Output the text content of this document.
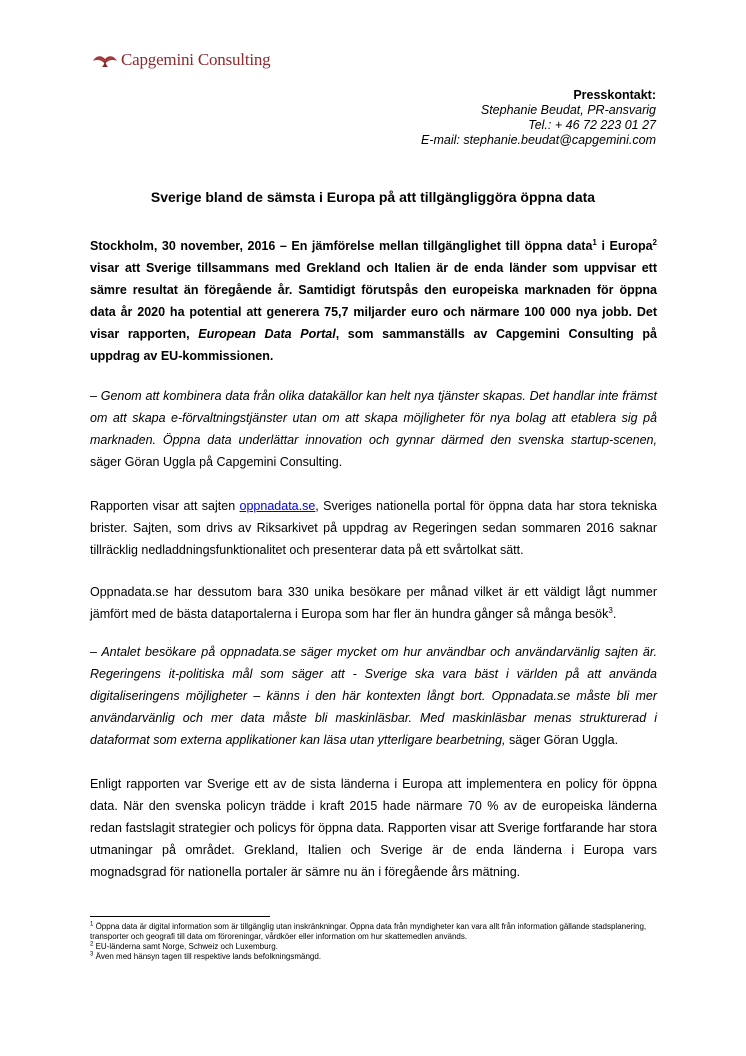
Capgemini Consulting
Presskontakt:
Stephanie Beudat, PR-ansvarig
Tel.: + 46 72 223 01 27
E-mail: stephanie.beudat@capgemini.com
Sverige bland de sämsta i Europa på att tillgängliggöra öppna data
Stockholm, 30 november, 2016 – En jämförelse mellan tillgänglighet till öppna data$^1$ i Europa$^2$ visar att Sverige tillsammans med Grekland och Italien är de enda länder som uppvisar ett sämre resultat än föregående år. Samtidigt förutspås den europeiska marknaden för öppna data år 2020 ha potential att generera 75,7 miljarder euro och närmare 100 000 nya jobb. Det visar rapporten, European Data Portal, som sammanställs av Capgemini Consulting på uppdrag av EU-kommissionen.
– Genom att kombinera data från olika datakällor kan helt nya tjänster skapas. Det handlar inte främst om att skapa e-förvaltningstjänster utan om att skapa möjligheter för nya bolag att etablera sig på marknaden. Öppna data underlättar innovation och gynnar därmed den svenska startup-scenen, säger Göran Uggla på Capgemini Consulting.
Rapporten visar att sajten oppnadata.se, Sveriges nationella portal för öppna data har stora tekniska brister. Sajten, som drivs av Riksarkivet på uppdrag av Regeringen sedan sommaren 2016 saknar tillräcklig nedladdningsfunktionalitet och presenterar data på ett svårtolkat sätt.
Oppnadata.se har dessutom bara 330 unika besökare per månad vilket är ett väldigt lågt nummer jämfört med de bästa dataportalerna i Europa som har fler än hundra gånger så många besök$^3$.
– Antalet besökare på oppnadata.se säger mycket om hur användbar och användarvänlig sajten är. Regeringens it-politiska mål som säger att - Sverige ska vara bäst i världen på att använda digitaliseringens möjligheter – känns i den här kontexten långt bort. Oppnadata.se måste bli mer användarvänlig och mer data måste bli maskinläsbar. Med maskinläsbar menas strukturerad i dataformat som externa applikationer kan läsa utan ytterligare bearbetning, säger Göran Uggla.
Enligt rapporten var Sverige ett av de sista länderna i Europa att implementera en policy för öppna data. När den svenska policyn trädde i kraft 2015 hade närmare 70 % av de europeiska länderna redan fastslagit strategier och policys för öppna data. Rapporten visar att Sverige fortfarande har stora utmaningar på området. Grekland, Italien och Sverige är de enda länderna i Europa vars mognadsgrad för nationella portaler är sämre nu än i föregående års mätning.
$^1$ Öppna data är digital information som är tillgänglig utan inskränkningar. Öppna data från myndigheter kan vara allt från information gällande stadsplanering, transporter och geografi till data om föroreningar, vårdköer eller information om hur skattemedlen används.
$^2$ EU-länderna samt Norge, Schweiz och Luxemburg.
$^3$ Även med hänsyn tagen till respektive lands befolkningsmängd.
